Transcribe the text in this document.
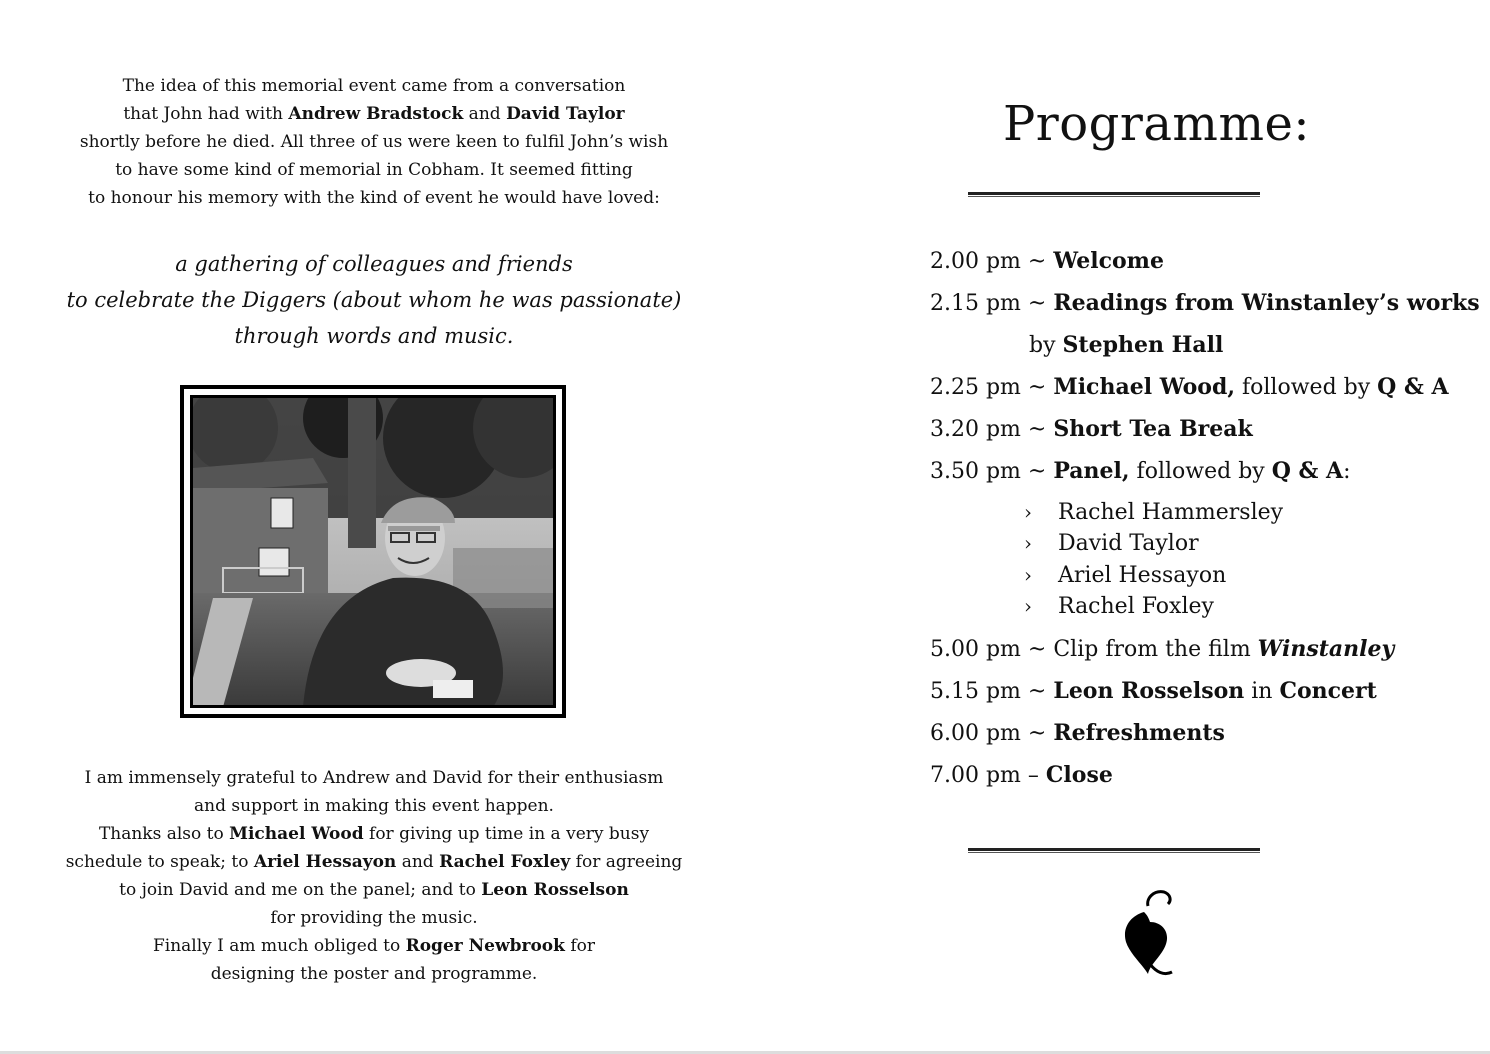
The idea of this memorial event came from a conversation
that John had with Andrew Bradstock and David Taylor
shortly before he died. All three of us were keen to fulfil John’s wish
to have some kind of memorial in Cobham. It seemed fitting
to honour his memory with the kind of event he would have loved:

a gathering of colleagues and friends
to celebrate the Diggers (about whom he was passionate)
through words and music.

I am immensely grateful to Andrew and David for their enthusiasm
and support in making this event happen.
Thanks also to Michael Wood for giving up time in a very busy
schedule to speak; to Ariel Hessayon and Rachel Foxley for agreeing
to join David and me on the panel; and to Leon Rosselson
for providing the music.
Finally I am much obliged to Roger Newbrook for
designing the poster and programme.

Programme:
2.00 pm ~ Welcome
2.15 pm ~ Readings from Winstanley’s works
by Stephen Hall
2.25 pm ~ Michael Wood, followed by Q & A
3.20 pm ~ Short Tea Break
3.50 pm ~ Panel, followed by Q & A:
› Rachel Hammersley
› David Taylor
› Ariel Hessayon
› Rachel Foxley
5.00 pm ~ Clip from the film Winstanley
5.15 pm ~ Leon Rosselson in Concert
6.00 pm ~ Refreshments
7.00 pm – Close
